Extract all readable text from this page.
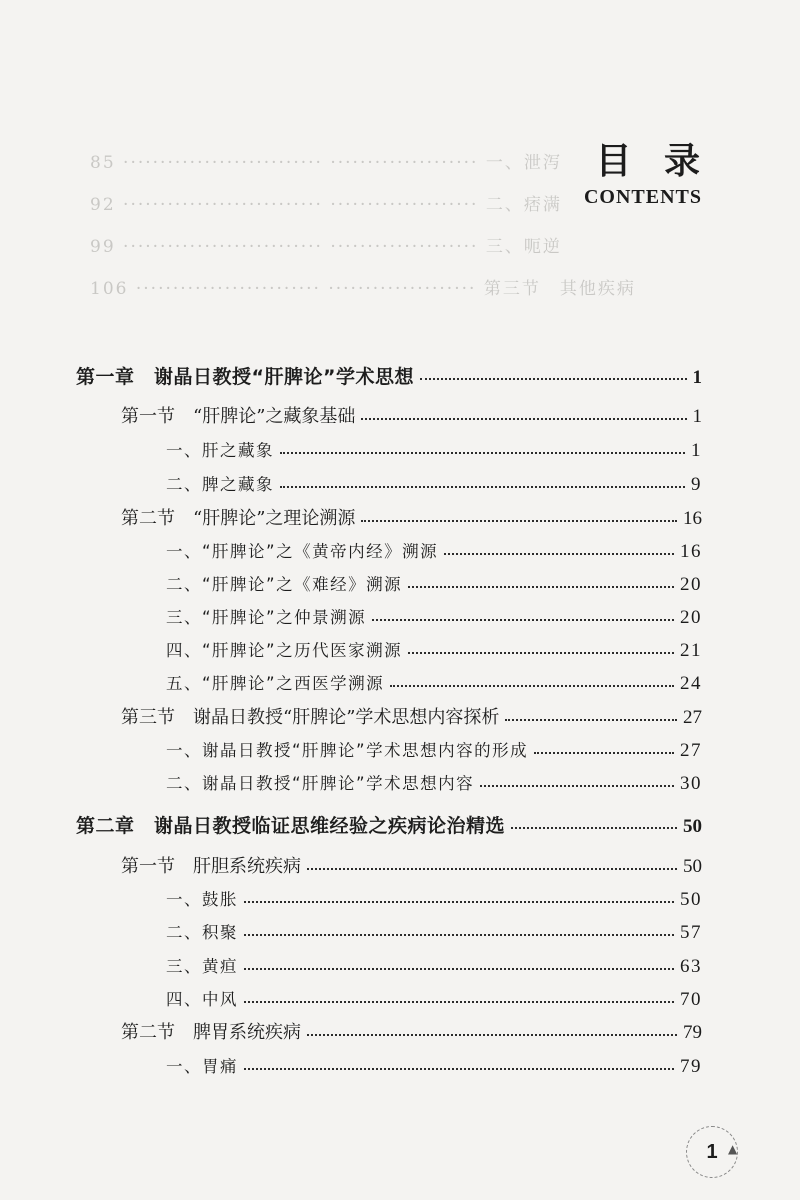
85 ··························· ···················· 一、泄泻
92 ··························· ···················· 二、痞满
99 ··························· ···················· 三、呃逆
106 ························· ···················· 第三节　其他疾病
目 录
CONTENTS
第一章　谢晶日教授“肝脾论”学术思想	1
第一节　“肝脾论”之藏象基础	1
一、肝之藏象	1
二、脾之藏象	9
第二节　“肝脾论”之理论溯源	16
一、“肝脾论”之《黄帝内经》溯源	16
二、“肝脾论”之《难经》溯源	20
三、“肝脾论”之仲景溯源	20
四、“肝脾论”之历代医家溯源	21
五、“肝脾论”之西医学溯源	24
第三节　谢晶日教授“肝脾论”学术思想内容探析	27
一、谢晶日教授“肝脾论”学术思想内容的形成	27
二、谢晶日教授“肝脾论”学术思想内容	30
第二章　谢晶日教授临证思维经验之疾病论治精选	50
第一节　肝胆系统疾病	50
一、鼓胀	50
二、积聚	57
三、黄疸	63
四、中风	70
第二节　脾胃系统疾病	79
一、胃痛	79
1 ▲
